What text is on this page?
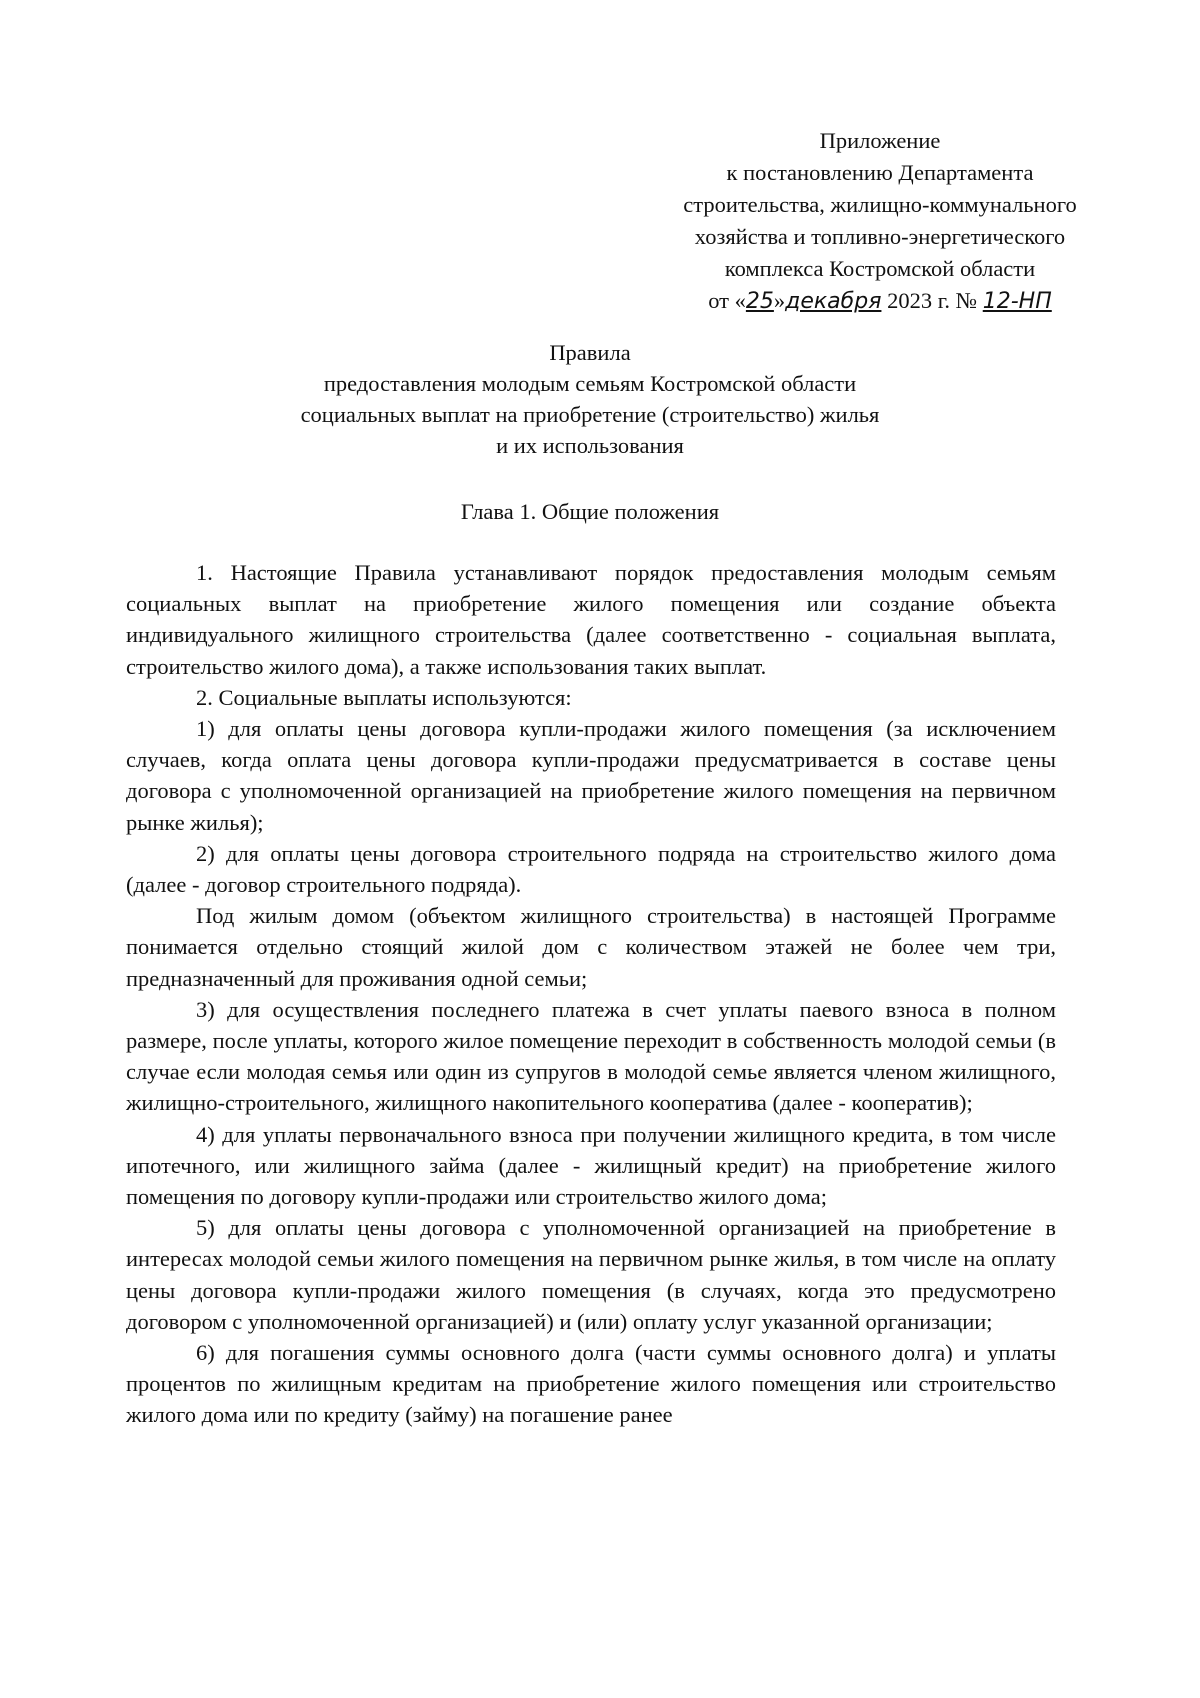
Приложение
к постановлению Департамента
строительства, жилищно-коммунального
хозяйства и топливно-энергетического
комплекса Костромской области
от «25»декабря 2023 г. № 12-НП
Правила
предоставления молодым семьям Костромской области
социальных выплат на приобретение (строительство) жилья
и их использования
Глава 1. Общие положения

1. Настоящие Правила устанавливают порядок предоставления молодым семьям социальных выплат на приобретение жилого помещения или создание объекта индивидуального жилищного строительства (далее соответственно - социальная выплата, строительство жилого дома), а также использования таких выплат.

2. Социальные выплаты используются:

1) для оплаты цены договора купли-продажи жилого помещения (за исключением случаев, когда оплата цены договора купли-продажи предусматривается в составе цены договора с уполномоченной организацией на приобретение жилого помещения на первичном рынке жилья);

2) для оплаты цены договора строительного подряда на строительство жилого дома (далее - договор строительного подряда).

Под жилым домом (объектом жилищного строительства) в настоящей Программе понимается отдельно стоящий жилой дом с количеством этажей не более чем три, предназначенный для проживания одной семьи;

3) для осуществления последнего платежа в счет уплаты паевого взноса в полном размере, после уплаты, которого жилое помещение переходит в собственность молодой семьи (в случае если молодая семья или один из супругов в молодой семье является членом жилищного, жилищно-строительного, жилищного накопительного кооператива (далее - кооператив);

4) для уплаты первоначального взноса при получении жилищного кредита, в том числе ипотечного, или жилищного займа (далее - жилищный кредит) на приобретение жилого помещения по договору купли-продажи или строительство жилого дома;

5) для оплаты цены договора с уполномоченной организацией на приобретение в интересах молодой семьи жилого помещения на первичном рынке жилья, в том числе на оплату цены договора купли-продажи жилого помещения (в случаях, когда это предусмотрено договором с уполномоченной организацией) и (или) оплату услуг указанной организации;

6) для погашения суммы основного долга (части суммы основного долга) и уплаты процентов по жилищным кредитам на приобретение жилого помещения или строительство жилого дома или по кредиту (займу) на погашение ранее
